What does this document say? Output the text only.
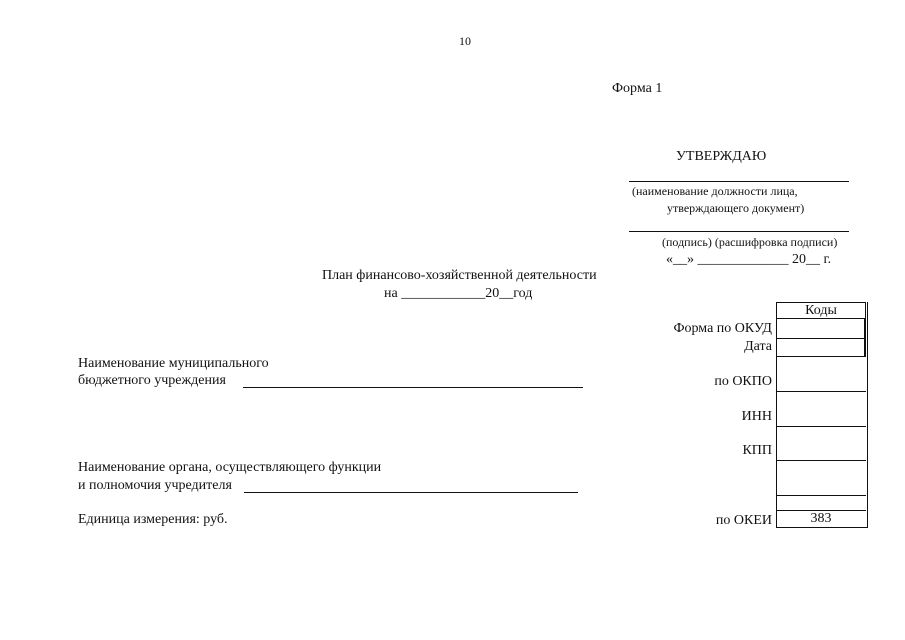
10
Форма 1
УТВЕРЖДАЮ
(наименование должности лица,
утверждающего документ)
(подпись) (расшифровка подписи)
«__» _____________ 20__ г.
План финансово-хозяйственной деятельности
на ____________20__год
Наименование муниципального
бюджетного учреждения
Наименование органа, осуществляющего функции
и полномочия учредителя
Единица измерения: руб.
Коды
383
Форма по ОКУД
Дата
по ОКПО
ИНН
КПП
по ОКЕИ
